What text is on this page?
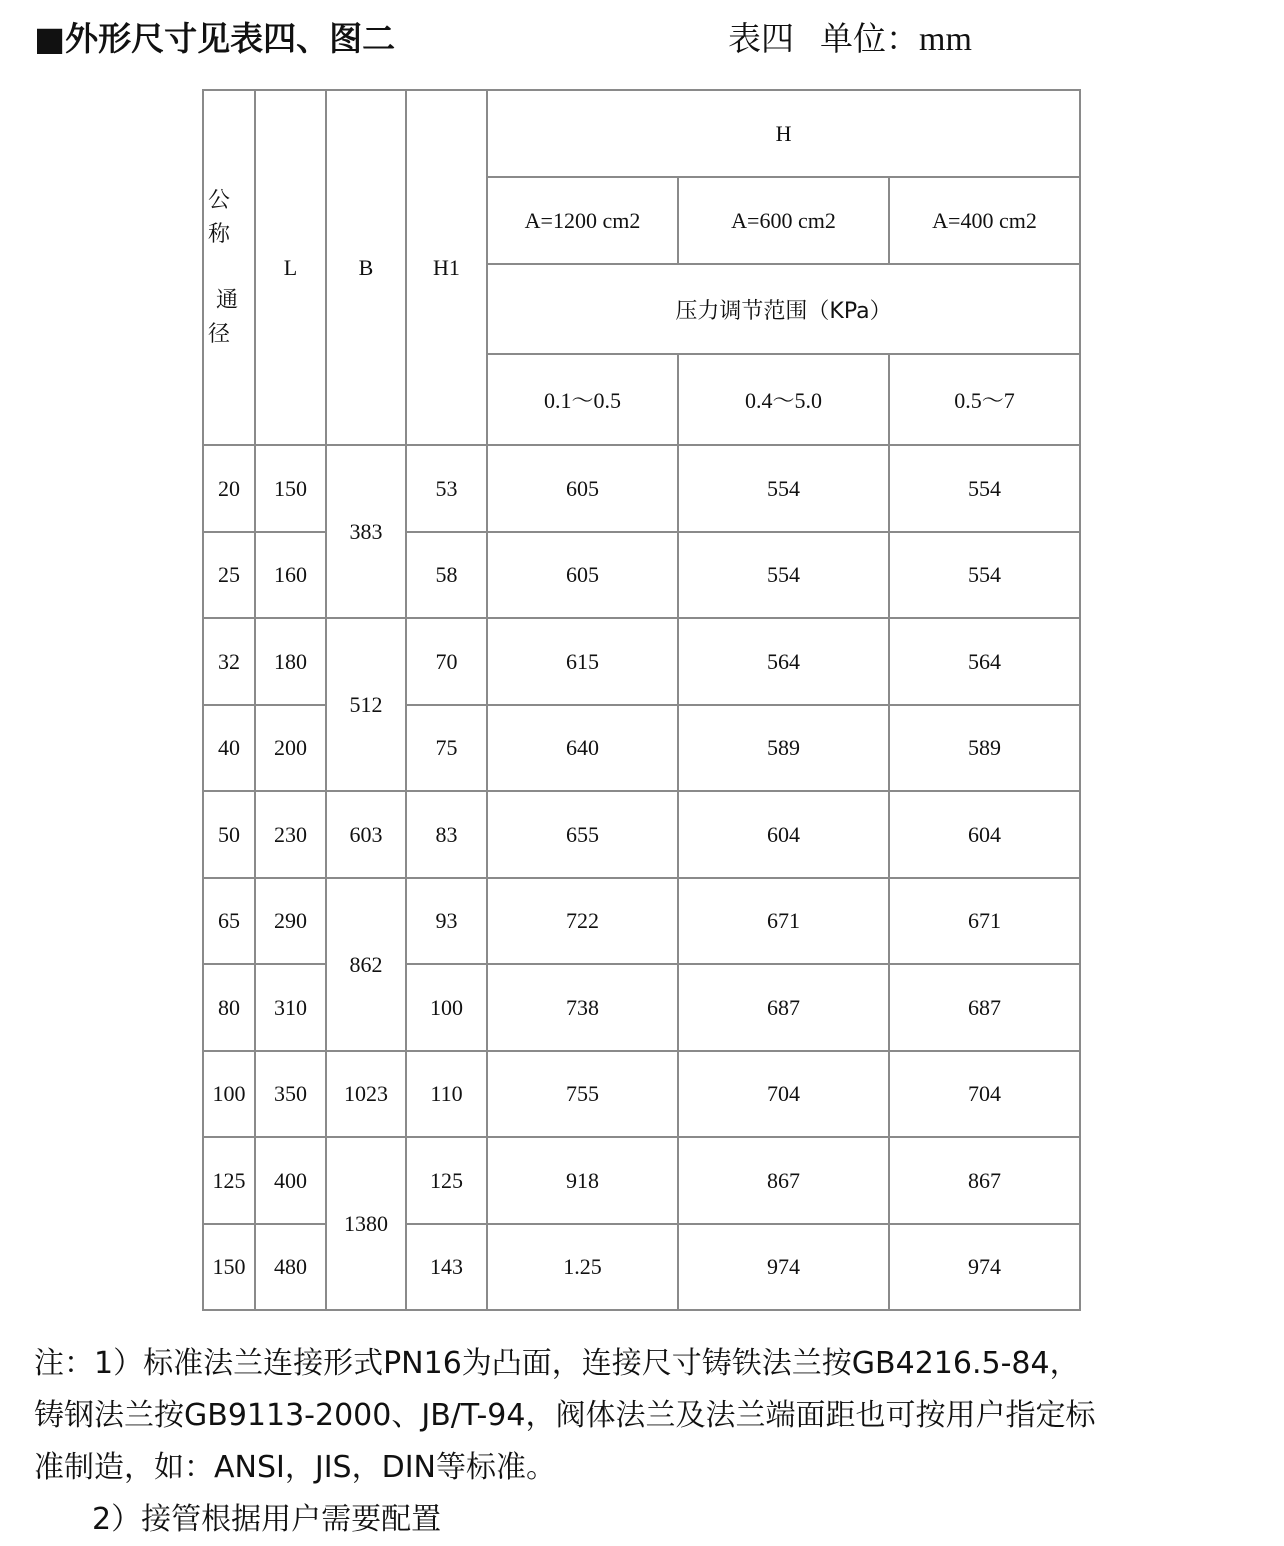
■外形尺寸见表四、图二	表四 单位：mm
公
称
通
径	L	B	H1	H		
				A=1200 cm2	A=600 cm2	A=400 cm2
				压力调节范围（KPa）		
				0.1～0.5	0.4～5.0	0.5～7
20	150	383	53	605	554	554
25	160		58	605	554	554
32	180	512	70	615	564	564
40	200		75	640	589	589
50	230	603	83	655	604	604
65	290	862	93	722	671	671
80	310		100	738	687	687
100	350	1023	110	755	704	704
125	400	1380	125	918	867	867
150	480		143	1.25	974	974
注：1）标准法兰连接形式PN16为凸面，连接尺寸铸铁法兰按GB4216.5-84，
铸钢法兰按GB9113-2000、JB/T-94，阀体法兰及法兰端面距也可按用户指定标
准制造，如：ANSI，JIS，DIN等标准。
2）接管根据用户需要配置
